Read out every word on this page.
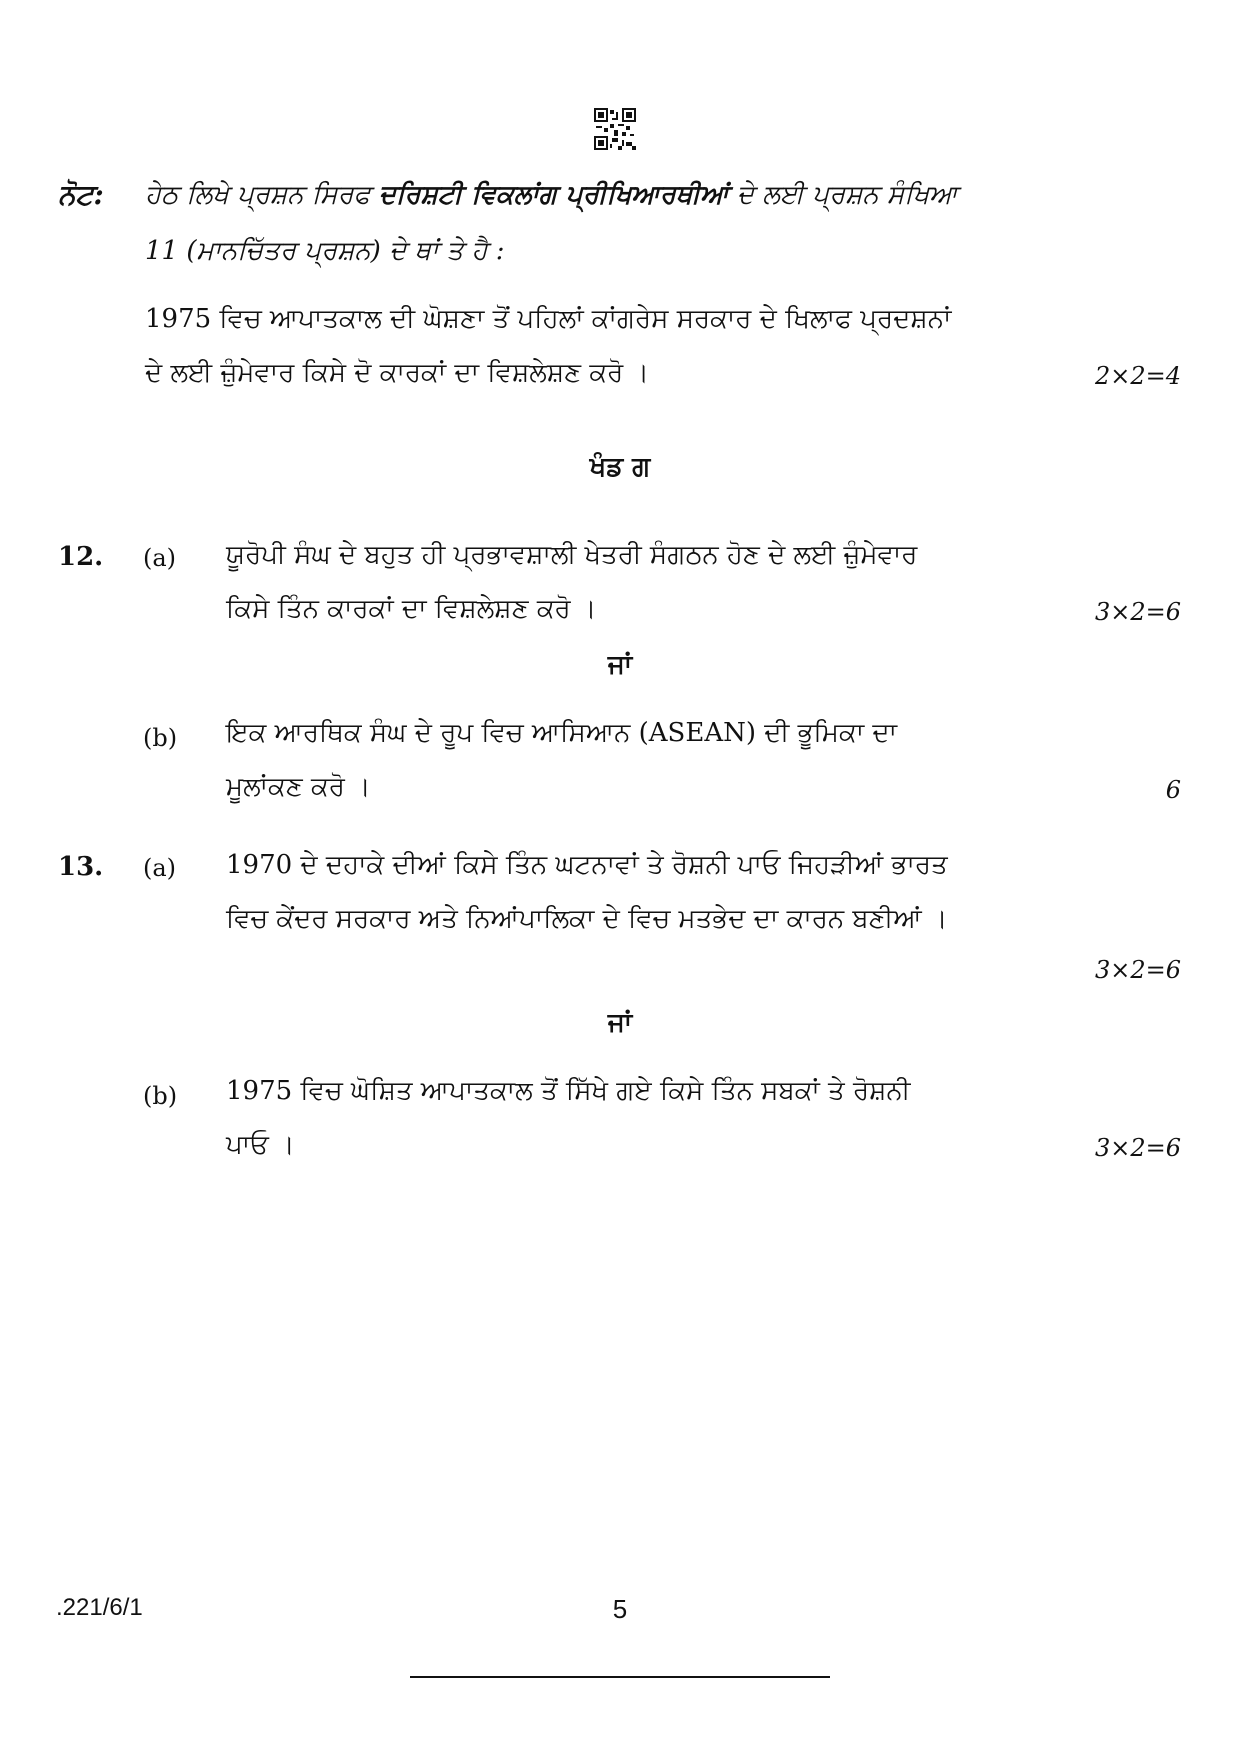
ਨੋਟ: ਹੇਠ ਲਿਖੇ ਪ੍ਰਸ਼ਨ ਸਿਰਫ ਦਰਿਸ਼ਟੀ ਵਿਕਲਾਂਗ ਪ੍ਰੀਖਿਆਰਥੀਆਂ ਦੇ ਲਈ ਪ੍ਰਸ਼ਨ ਸੰਖਿਆ
11 (ਮਾਨਚਿੱਤਰ ਪ੍ਰਸ਼ਨ) ਦੇ ਥਾਂ ਤੇ ਹੈ :
1975 ਵਿਚ ਆਪਾਤਕਾਲ ਦੀ ਘੋਸ਼ਣਾ ਤੋਂ ਪਹਿਲਾਂ ਕਾਂਗਰੇਸ ਸਰਕਾਰ ਦੇ ਖਿਲਾਫ ਪ੍ਰਦਸ਼ਨਾਂ
ਦੇ ਲਈ ਜ਼ੁੰਮੇਵਾਰ ਕਿਸੇ ਦੋ ਕਾਰਕਾਂ ਦਾ ਵਿਸ਼ਲੇਸ਼ਣ ਕਰੋ ।	2×2=4
ਖੰਡ ਗ
12. (a) ਯੂਰੋਪੀ ਸੰਘ ਦੇ ਬਹੁਤ ਹੀ ਪ੍ਰਭਾਵਸ਼ਾਲੀ ਖੇਤਰੀ ਸੰਗਠਨ ਹੋਣ ਦੇ ਲਈ ਜ਼ੁੰਮੇਵਾਰ
ਕਿਸੇ ਤਿੰਨ ਕਾਰਕਾਂ ਦਾ ਵਿਸ਼ਲੇਸ਼ਣ ਕਰੋ ।	3×2=6
ਜਾਂ
(b) ਇਕ ਆਰਥਿਕ ਸੰਘ ਦੇ ਰੂਪ ਵਿਚ ਆਸਿਆਨ (ASEAN) ਦੀ ਭੂਮਿਕਾ ਦਾ
ਮੂਲਾਂਕਣ ਕਰੋ ।	6
13. (a) 1970 ਦੇ ਦਹਾਕੇ ਦੀਆਂ ਕਿਸੇ ਤਿੰਨ ਘਟਨਾਵਾਂ ਤੇ ਰੋਸ਼ਨੀ ਪਾਓ ਜਿਹੜੀਆਂ ਭਾਰਤ
ਵਿਚ ਕੇਂਦਰ ਸਰਕਾਰ ਅਤੇ ਨਿਆਂਪਾਲਿਕਾ ਦੇ ਵਿਚ ਮਤਭੇਦ ਦਾ ਕਾਰਨ ਬਣੀਆਂ ।
3×2=6
ਜਾਂ
(b) 1975 ਵਿਚ ਘੋਸ਼ਿਤ ਆਪਾਤਕਾਲ ਤੋਂ ਸਿੱਖੇ ਗਏ ਕਿਸੇ ਤਿੰਨ ਸਬਕਾਂ ਤੇ ਰੋਸ਼ਨੀ
ਪਾਓ ।	3×2=6
.221/6/1	5
